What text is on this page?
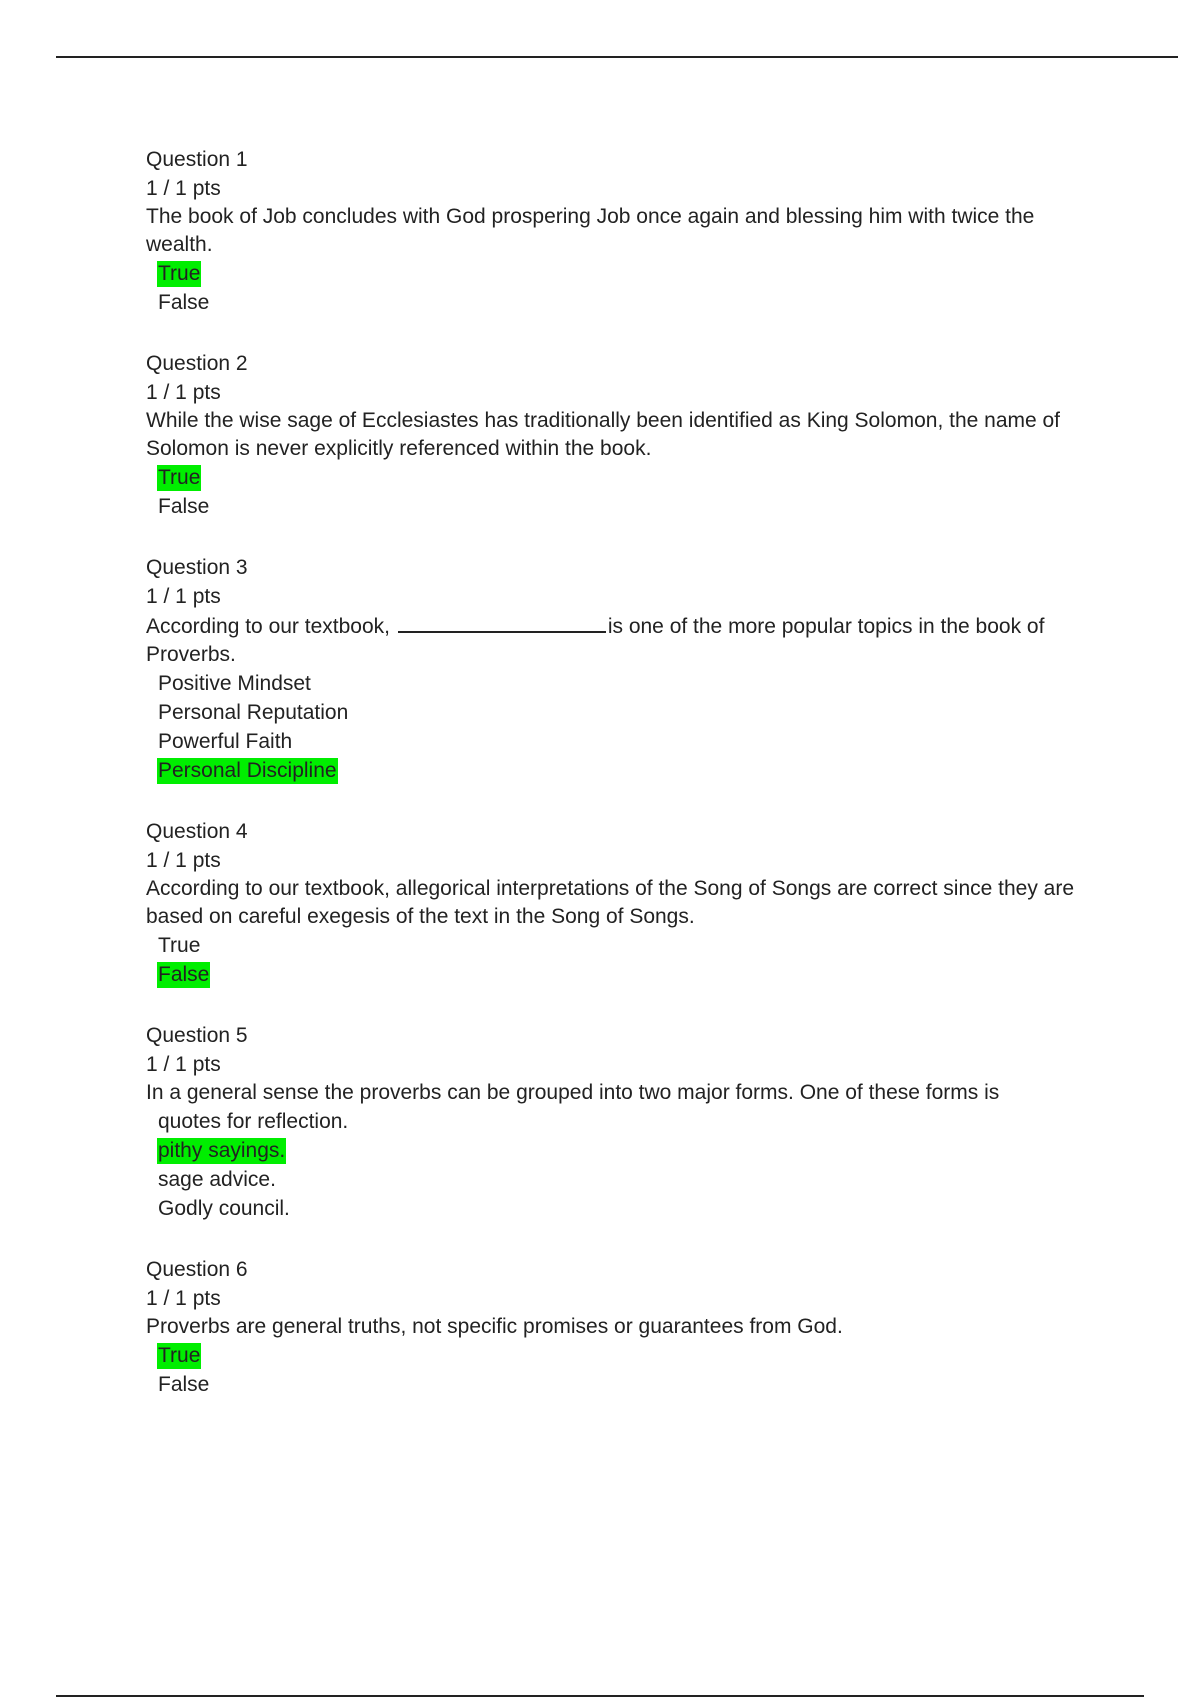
Question 1
1 / 1 pts
The book of Job concludes with God prospering Job once again and blessing him with twice the wealth.
True
False
Question 2
1 / 1 pts
While the wise sage of Ecclesiastes has traditionally been identified as King Solomon, the name of Solomon is never explicitly referenced within the book.
True
False
Question 3
1 / 1 pts
According to our textbook,	is one of the more popular topics in the book of Proverbs.
Positive Mindset
Personal Reputation
Powerful Faith
Personal Discipline
Question 4
1 / 1 pts
According to our textbook, allegorical interpretations of the Song of Songs are correct since they are based on careful exegesis of the text in the Song of Songs.
True
False
Question 5
1 / 1 pts
In a general sense the proverbs can be grouped into two major forms. One of these forms is
quotes for reflection.
pithy sayings.
sage advice.
Godly council.
Question 6
1 / 1 pts
Proverbs are general truths, not specific promises or guarantees from God.
True
False
